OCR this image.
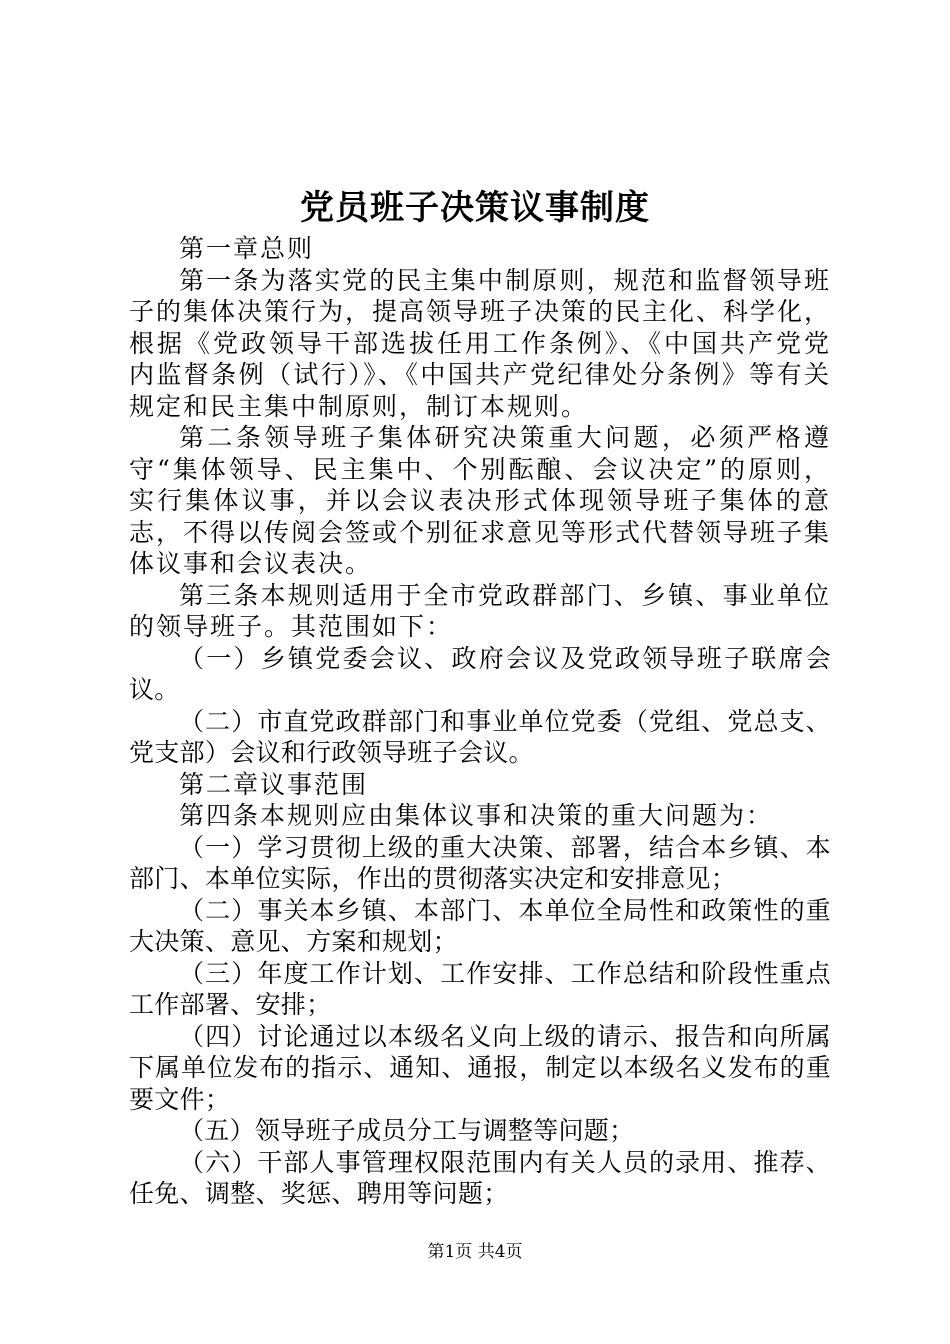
党员班子决策议事制度

第一章总则

第一条为落实党的民主集中制原则，规范和监督领导班子的集体决策行为，提高领导班子决策的民主化、科学化，根据《党政领导干部选拔任用工作条例》、《中国共产党党内监督条例（试行）》、《中国共产党纪律处分条例》等有关规定和民主集中制原则，制订本规则。

第二条领导班子集体研究决策重大问题，必须严格遵守“集体领导、民主集中、个别酝酿、会议决定”的原则，实行集体议事，并以会议表决形式体现领导班子集体的意志，不得以传阅会签或个别征求意见等形式代替领导班子集体议事和会议表决。

第三条本规则适用于全市党政群部门、乡镇、事业单位的领导班子。其范围如下：

（一）乡镇党委会议、政府会议及党政领导班子联席会议。

（二）市直党政群部门和事业单位党委（党组、党总支、党支部）会议和行政领导班子会议。

第二章议事范围

第四条本规则应由集体议事和决策的重大问题为：

（一）学习贯彻上级的重大决策、部署，结合本乡镇、本部门、本单位实际，作出的贯彻落实决定和安排意见；

（二）事关本乡镇、本部门、本单位全局性和政策性的重大决策、意见、方案和规划；

（三）年度工作计划、工作安排、工作总结和阶段性重点工作部署、安排；

（四）讨论通过以本级名义向上级的请示、报告和向所属下属单位发布的指示、通知、通报，制定以本级名义发布的重要文件；

（五）领导班子成员分工与调整等问题；

（六）干部人事管理权限范围内有关人员的录用、推荐、任免、调整、奖惩、聘用等问题；

第1页 共4页
